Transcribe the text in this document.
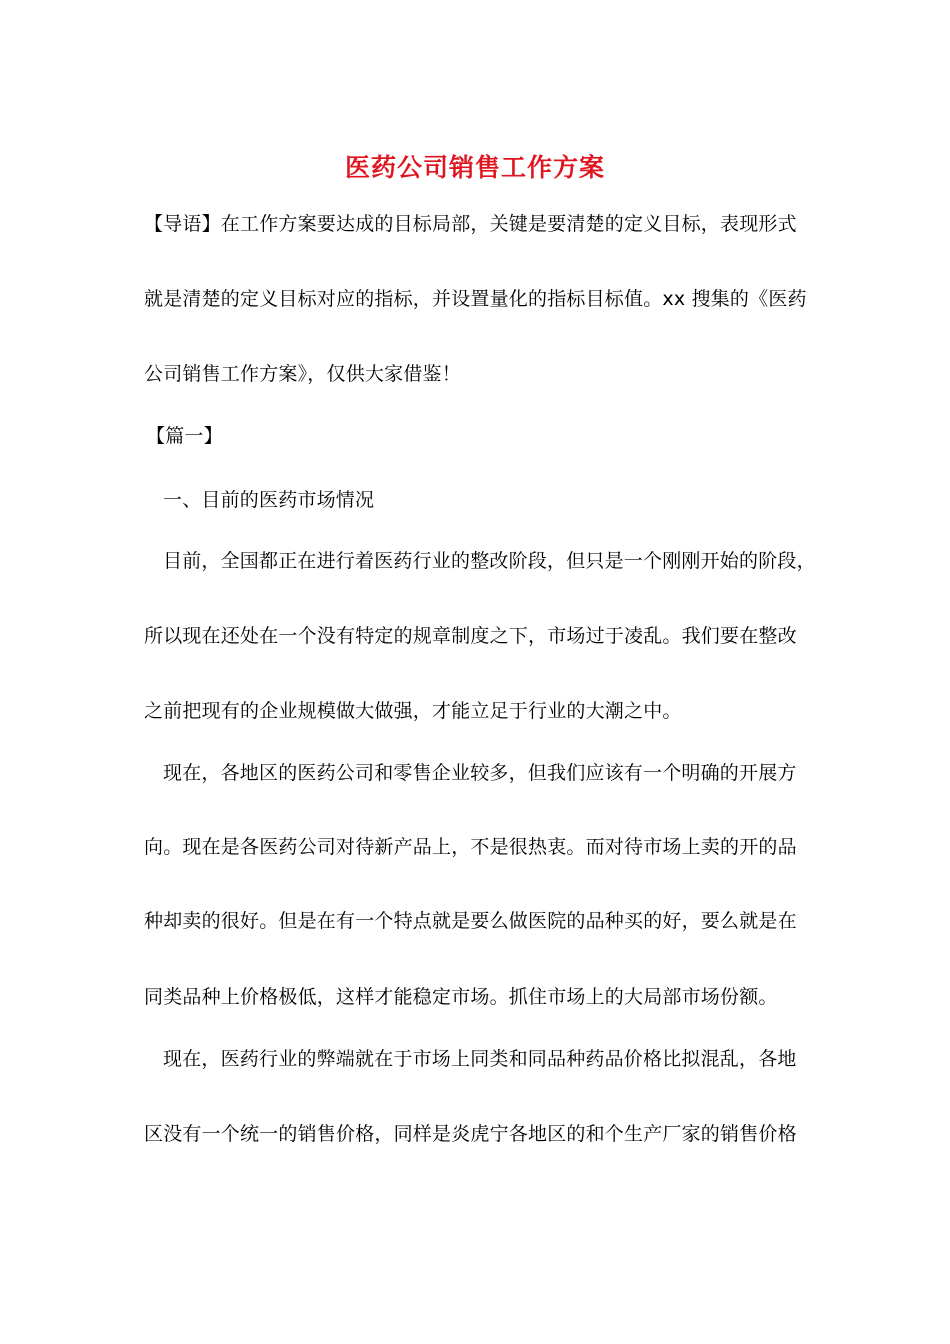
医药公司销售工作方案
【导语】在工作方案要达成的目标局部，关键是要清楚的定义目标，表现形式
就是清楚的定义目标对应的指标，并设置量化的指标目标值。xx 搜集的《医药
公司销售工作方案》，仅供大家借鉴！
【篇一】
一、目前的医药市场情况
目前，全国都正在进行着医药行业的整改阶段，但只是一个刚刚开始的阶段，
所以现在还处在一个没有特定的规章制度之下，市场过于凌乱。我们要在整改
之前把现有的企业规模做大做强，才能立足于行业的大潮之中。
现在，各地区的医药公司和零售企业较多，但我们应该有一个明确的开展方
向。现在是各医药公司对待新产品上，不是很热衷。而对待市场上卖的开的品
种却卖的很好。但是在有一个特点就是要么做医院的品种买的好，要么就是在
同类品种上价格极低，这样才能稳定市场。抓住市场上的大局部市场份额。
现在，医药行业的弊端就在于市场上同类和同品种药品价格比拟混乱，各地
区没有一个统一的销售价格，同样是炎虎宁各地区的和个生产厂家的销售价格
